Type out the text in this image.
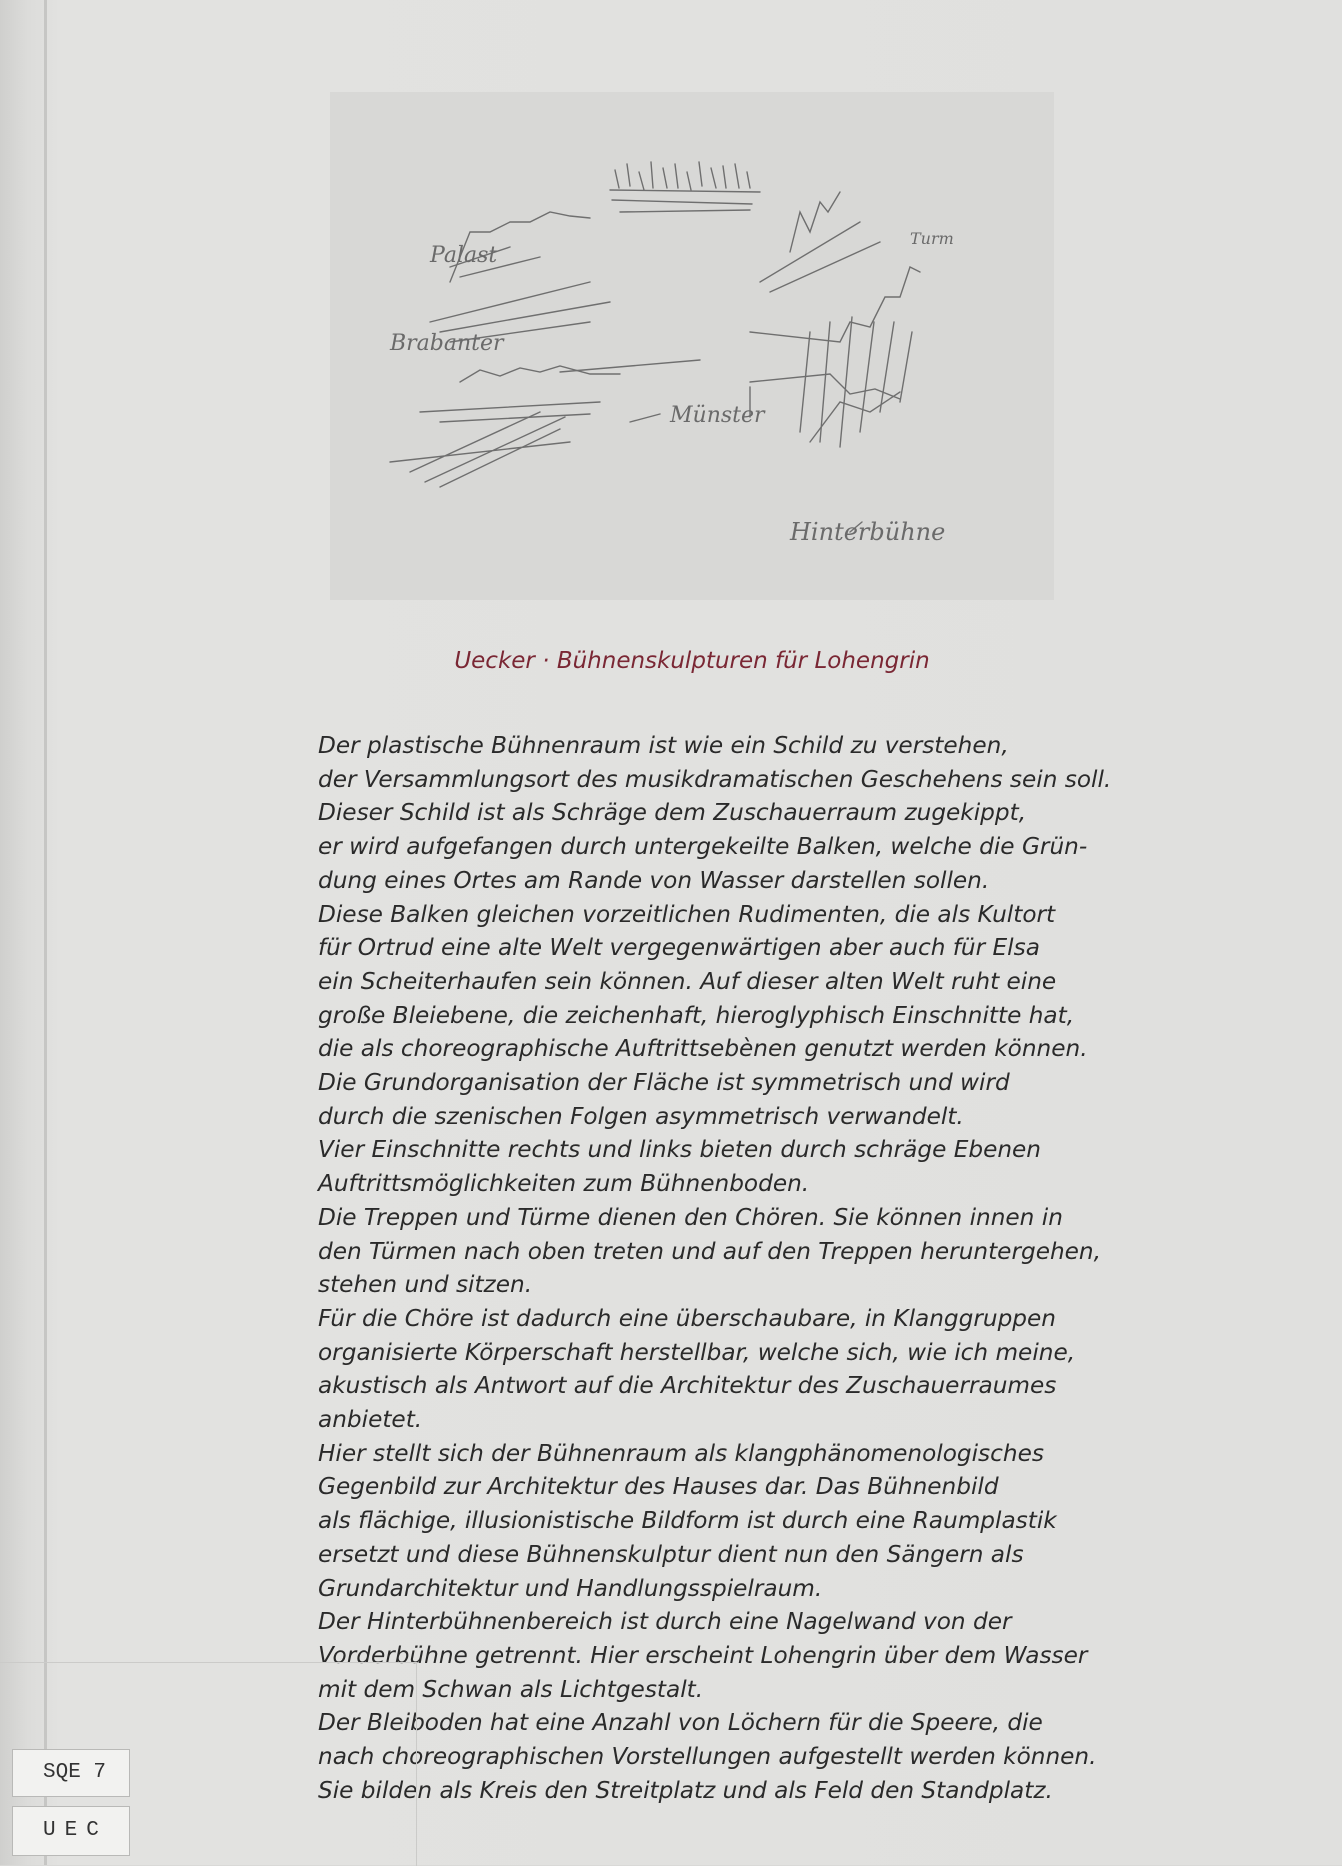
Palast
Brabanter
Münster
Turm
Hinterbühne
Uecker · Bühnenskulpturen für Lohengrin
Der plastische Bühnenraum ist wie ein Schild zu verstehen,
der Versammlungsort des musikdramatischen Geschehens sein soll.
Dieser Schild ist als Schräge dem Zuschauerraum zugekippt,
er wird aufgefangen durch untergekeilte Balken, welche die Grün-
dung eines Ortes am Rande von Wasser darstellen sollen.
Diese Balken gleichen vorzeitlichen Rudimenten, die als Kultort
für Ortrud eine alte Welt vergegenwärtigen aber auch für Elsa
ein Scheiterhaufen sein können. Auf dieser alten Welt ruht eine
große Bleiebene, die zeichenhaft, hieroglyphisch Einschnitte hat,
die als choreographische Auftrittsebènen genutzt werden können.
Die Grundorganisation der Fläche ist symmetrisch und wird
durch die szenischen Folgen asymmetrisch verwandelt.
Vier Einschnitte rechts und links bieten durch schräge Ebenen
Auftrittsmöglichkeiten zum Bühnenboden.
Die Treppen und Türme dienen den Chören. Sie können innen in
den Türmen nach oben treten und auf den Treppen heruntergehen,
stehen und sitzen.
Für die Chöre ist dadurch eine überschaubare, in Klanggruppen
organisierte Körperschaft herstellbar, welche sich, wie ich meine,
akustisch als Antwort auf die Architektur des Zuschauerraumes
anbietet.
Hier stellt sich der Bühnenraum als klangphänomenologisches
Gegenbild zur Architektur des Hauses dar. Das Bühnenbild
als flächige, illusionistische Bildform ist durch eine Raumplastik
ersetzt und diese Bühnenskulptur dient nun den Sängern als
Grundarchitektur und Handlungsspielraum.
Der Hinterbühnenbereich ist durch eine Nagelwand von der
Vorderbühne getrennt. Hier erscheint Lohengrin über dem Wasser
mit dem Schwan als Lichtgestalt.
Der Bleiboden hat eine Anzahl von Löchern für die Speere, die
nach choreographischen Vorstellungen aufgestellt werden können.
Sie bilden als Kreis den Streitplatz und als Feld den Standplatz.
SQE 7
UEC
